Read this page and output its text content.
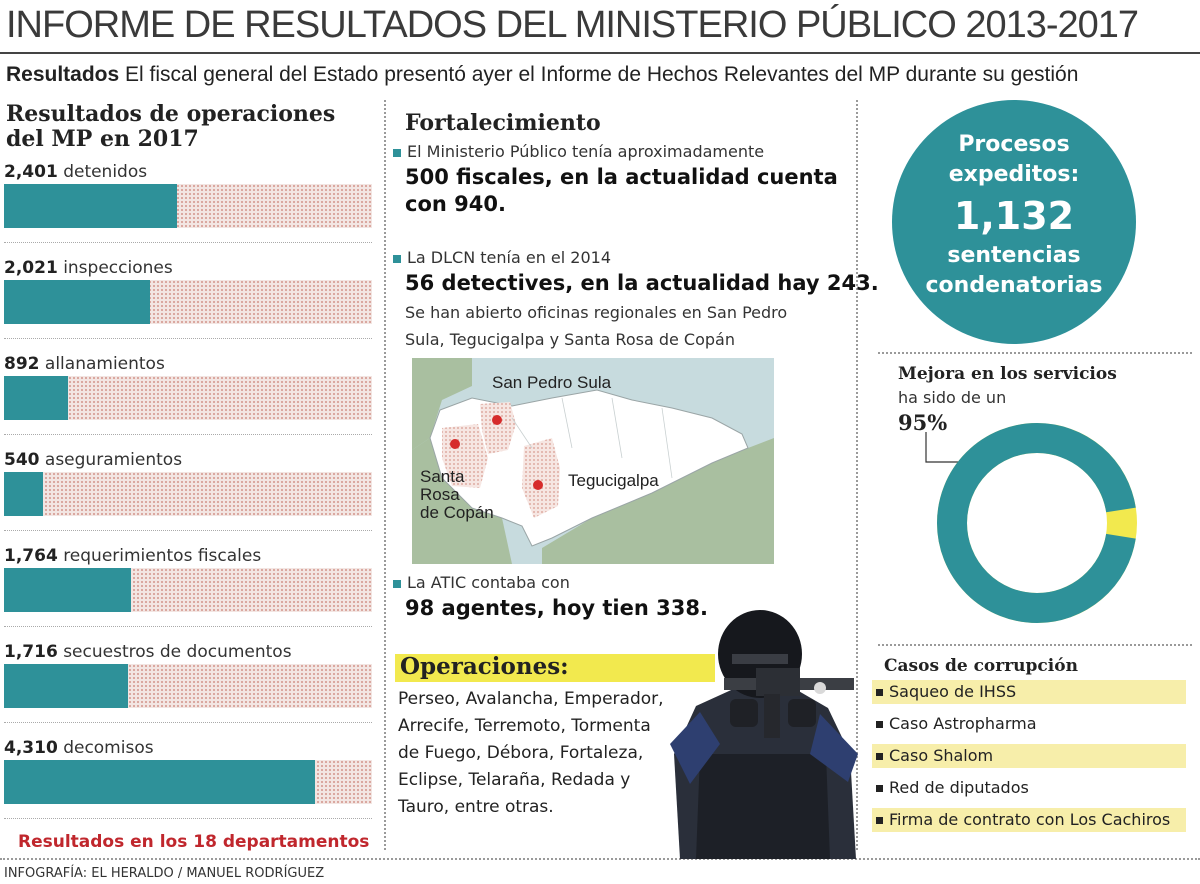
INFORME DE RESULTADOS DEL MINISTERIO PÚBLICO 2013-2017
Resultados El fiscal general del Estado presentó ayer el Informe de Hechos Relevantes del MP durante su gestión
Resultados de operaciones del MP en 2017
2,401 detenidos
2,021 inspecciones
892 allanamientos
540 aseguramientos
1,764 requerimientos fiscales
1,716 secuestros de documentos
4,310 decomisos
Resultados en los 18 departamentos
INFOGRAFÍA: EL HERALDO / MANUEL RODRÍGUEZ
Fortalecimiento
El Ministerio Público tenía aproximadamente
500 fiscales, en la actualidad cuenta
con 940.
La DLCN tenía en el 2014
56 detectives, en la actualidad hay 243.
Se han abierto oficinas regionales en San Pedro
Sula, Tegucigalpa y Santa Rosa de Copán
San Pedro Sula
Tegucigalpa
Santa
Rosa
de Copán
La ATIC contaba con
98 agentes, hoy tien 338.
Operaciones:
Perseo, Avalancha, Emperador,
Arrecife, Terremoto, Tormenta
de Fuego, Débora, Fortaleza,
Eclipse, Telaraña, Redada y
Tauro, entre otras.
Procesos
expeditos:
1,132
sentencias
condenatorias
Mejora en los servicios
ha sido de un
95%
Casos de corrupción
Saqueo de IHSS
Caso Astropharma
Caso Shalom
Red de diputados
Firma de contrato con Los Cachiros
